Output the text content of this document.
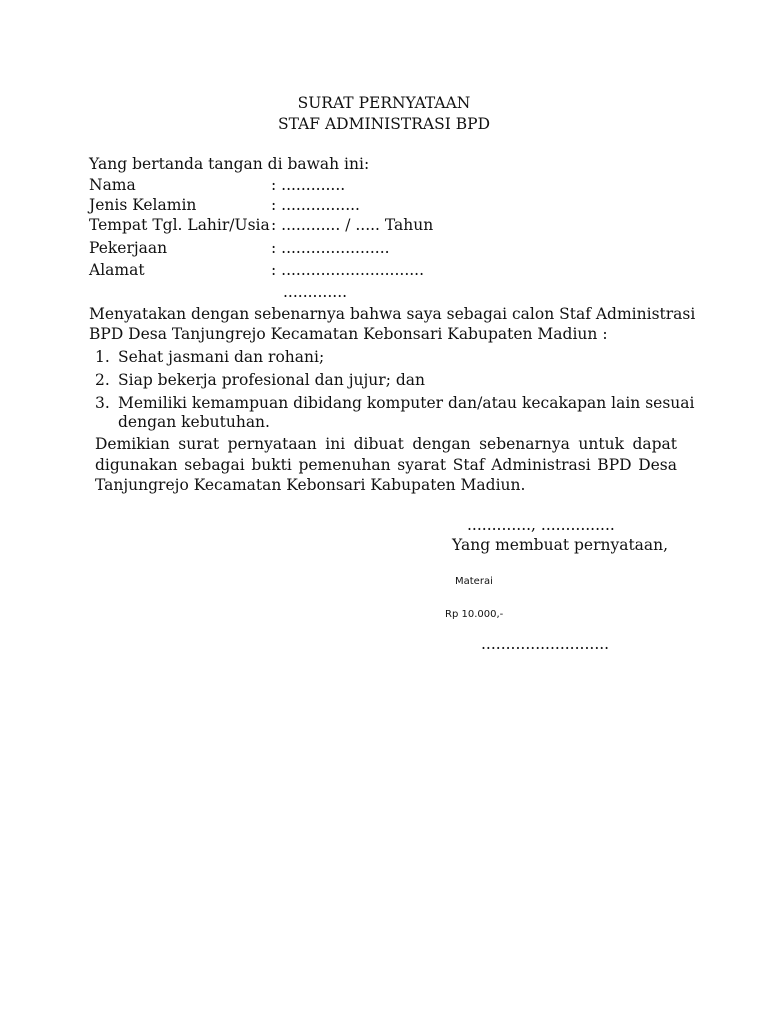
SURAT PERNYATAAN
STAF ADMINISTRASI BPD
Yang bertanda tangan di bawah ini:
Nama	: .............
Jenis Kelamin	: ................
Tempat Tgl. Lahir/Usia : ............ / ..... Tahun
Pekerjaan	: ......................
Alamat	: .............................
.............
Menyatakan dengan sebenarnya bahwa saya sebagai calon Staf Administrasi
BPD Desa Tanjungrejo Kecamatan Kebonsari Kabupaten Madiun :
1. Sehat jasmani dan rohani;
2. Siap bekerja profesional dan jujur; dan
3. Memiliki kemampuan dibidang komputer dan/atau kecakapan lain sesuai
dengan kebutuhan.
Demikian surat pernyataan ini dibuat dengan sebenarnya untuk dapat
digunakan sebagai bukti pemenuhan syarat Staf Administrasi BPD Desa
Tanjungrejo Kecamatan Kebonsari Kabupaten Madiun.
............., ...............
Yang membuat pernyataan,
Materai
Rp 10.000,-
..........................
